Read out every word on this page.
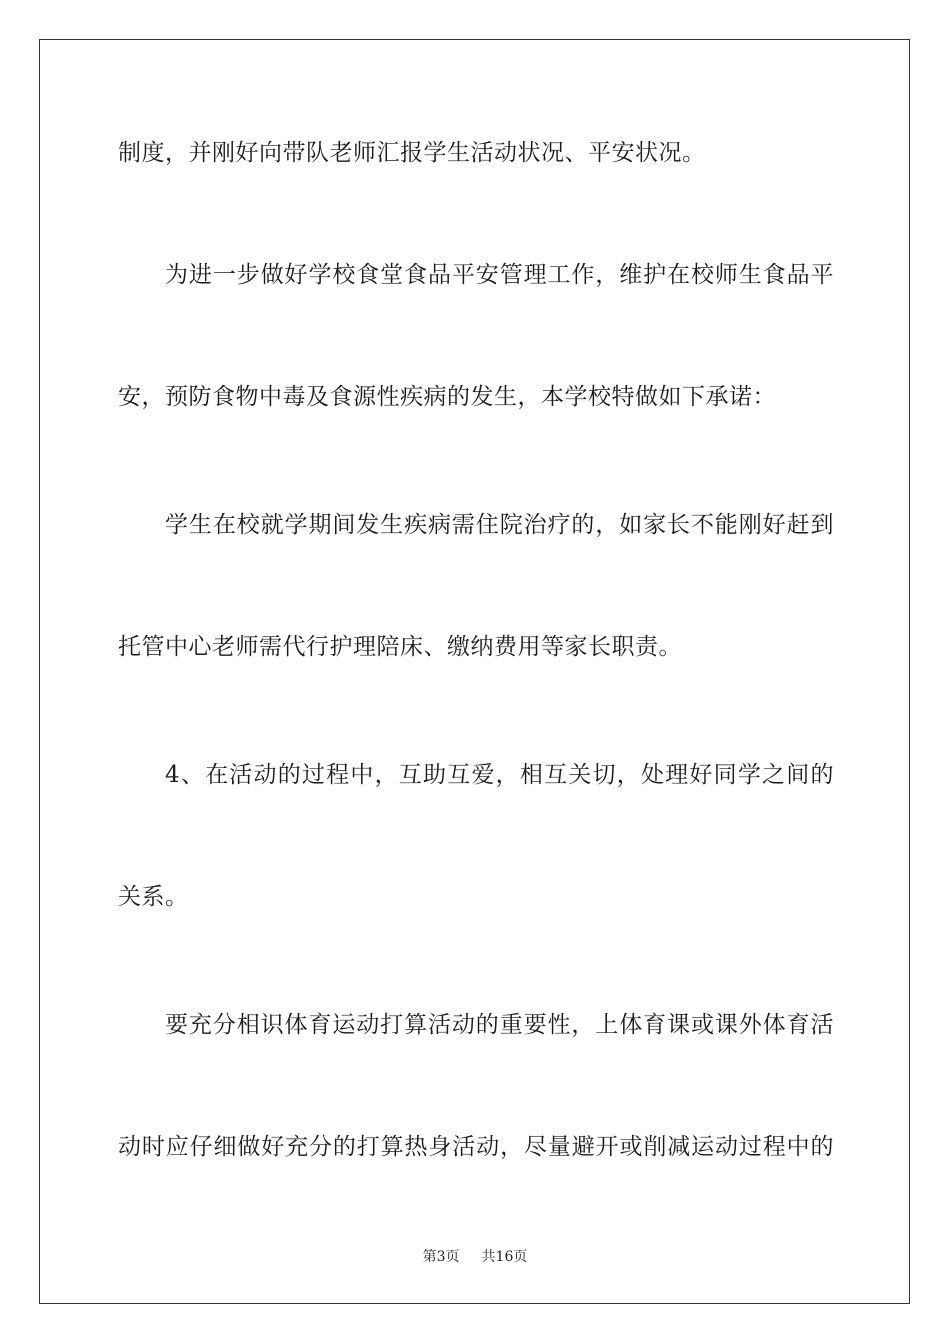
制度，并刚好向带队老师汇报学生活动状况、平安状况。
为进一步做好学校食堂食品平安管理工作，维护在校师生食品平
安，预防食物中毒及食源性疾病的发生，本学校特做如下承诺：
学生在校就学期间发生疾病需住院治疗的，如家长不能刚好赶到
托管中心老师需代行护理陪床、缴纳费用等家长职责。
4、在活动的过程中，互助互爱，相互关切，处理好同学之间的
关系。
要充分相识体育运动打算活动的重要性，上体育课或课外体育活
动时应仔细做好充分的打算热身活动，尽量避开或削减运动过程中的
第3页 共16页
